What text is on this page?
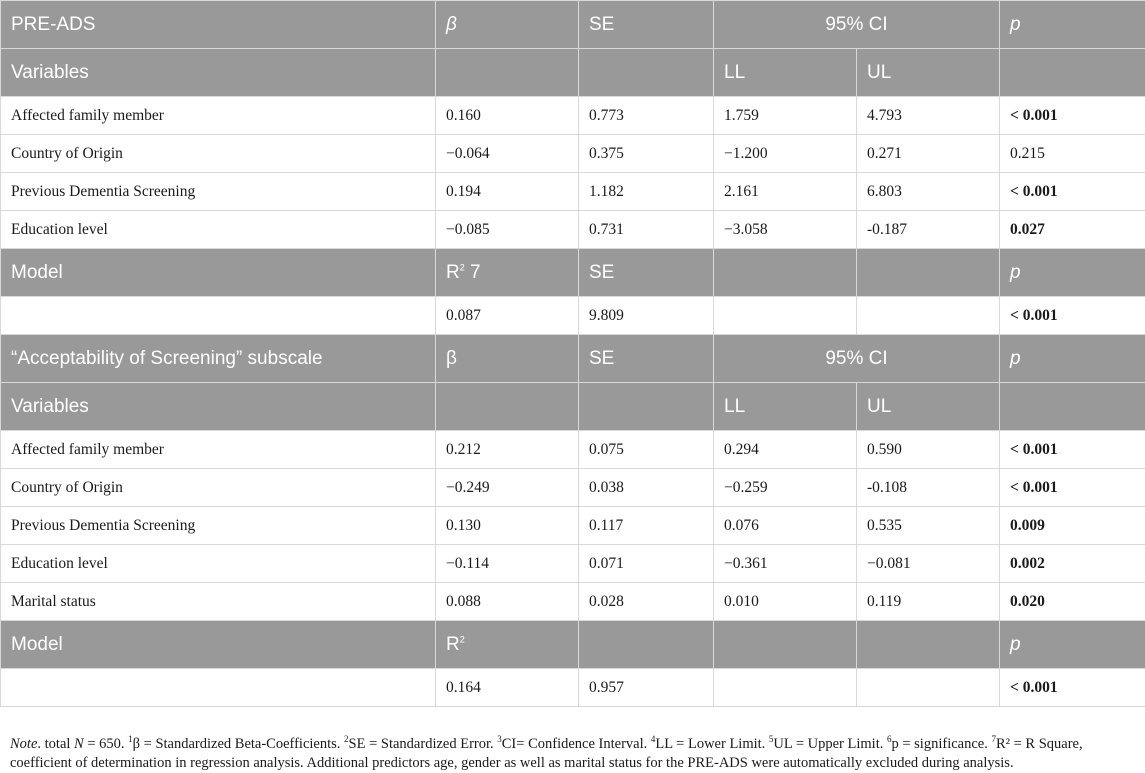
PRE-ADS	β	SE	95% CI		p
Variables			LL	UL	
Affected family member	0.160	0.773	1.759	4.793	< 0.001
Country of Origin	−0.064	0.375	−1.200	0.271	0.215
Previous Dementia Screening	0.194	1.182	2.161	6.803	< 0.001
Education level	−0.085	0.731	−3.058	-0.187	0.027
Model	$R^2$ 7	SE			p
	0.087	9.809			< 0.001
“Acceptability of Screening” subscale	β	SE	95% CI		p
Variables			LL	UL	
Affected family member	0.212	0.075	0.294	0.590	< 0.001
Country of Origin	−0.249	0.038	−0.259	-0.108	< 0.001
Previous Dementia Screening	0.130	0.117	0.076	0.535	0.009
Education level	−0.114	0.071	−0.361	−0.081	0.002
Marital status	0.088	0.028	0.010	0.119	0.020
Model	$R^2$				p
	0.164	0.957			< 0.001
Note. total N = 650. $^1$β = Standardized Beta-Coefficients. $^2$SE = Standardized Error. $^3$CI= Confidence Interval. $^4$LL = Lower Limit. $^5$UL = Upper Limit. $^6$p = significance. $^7$R² = R Square, coefficient of determination in regression analysis. Additional predictors age, gender as well as marital status for the PRE-ADS were automatically excluded during analysis.
